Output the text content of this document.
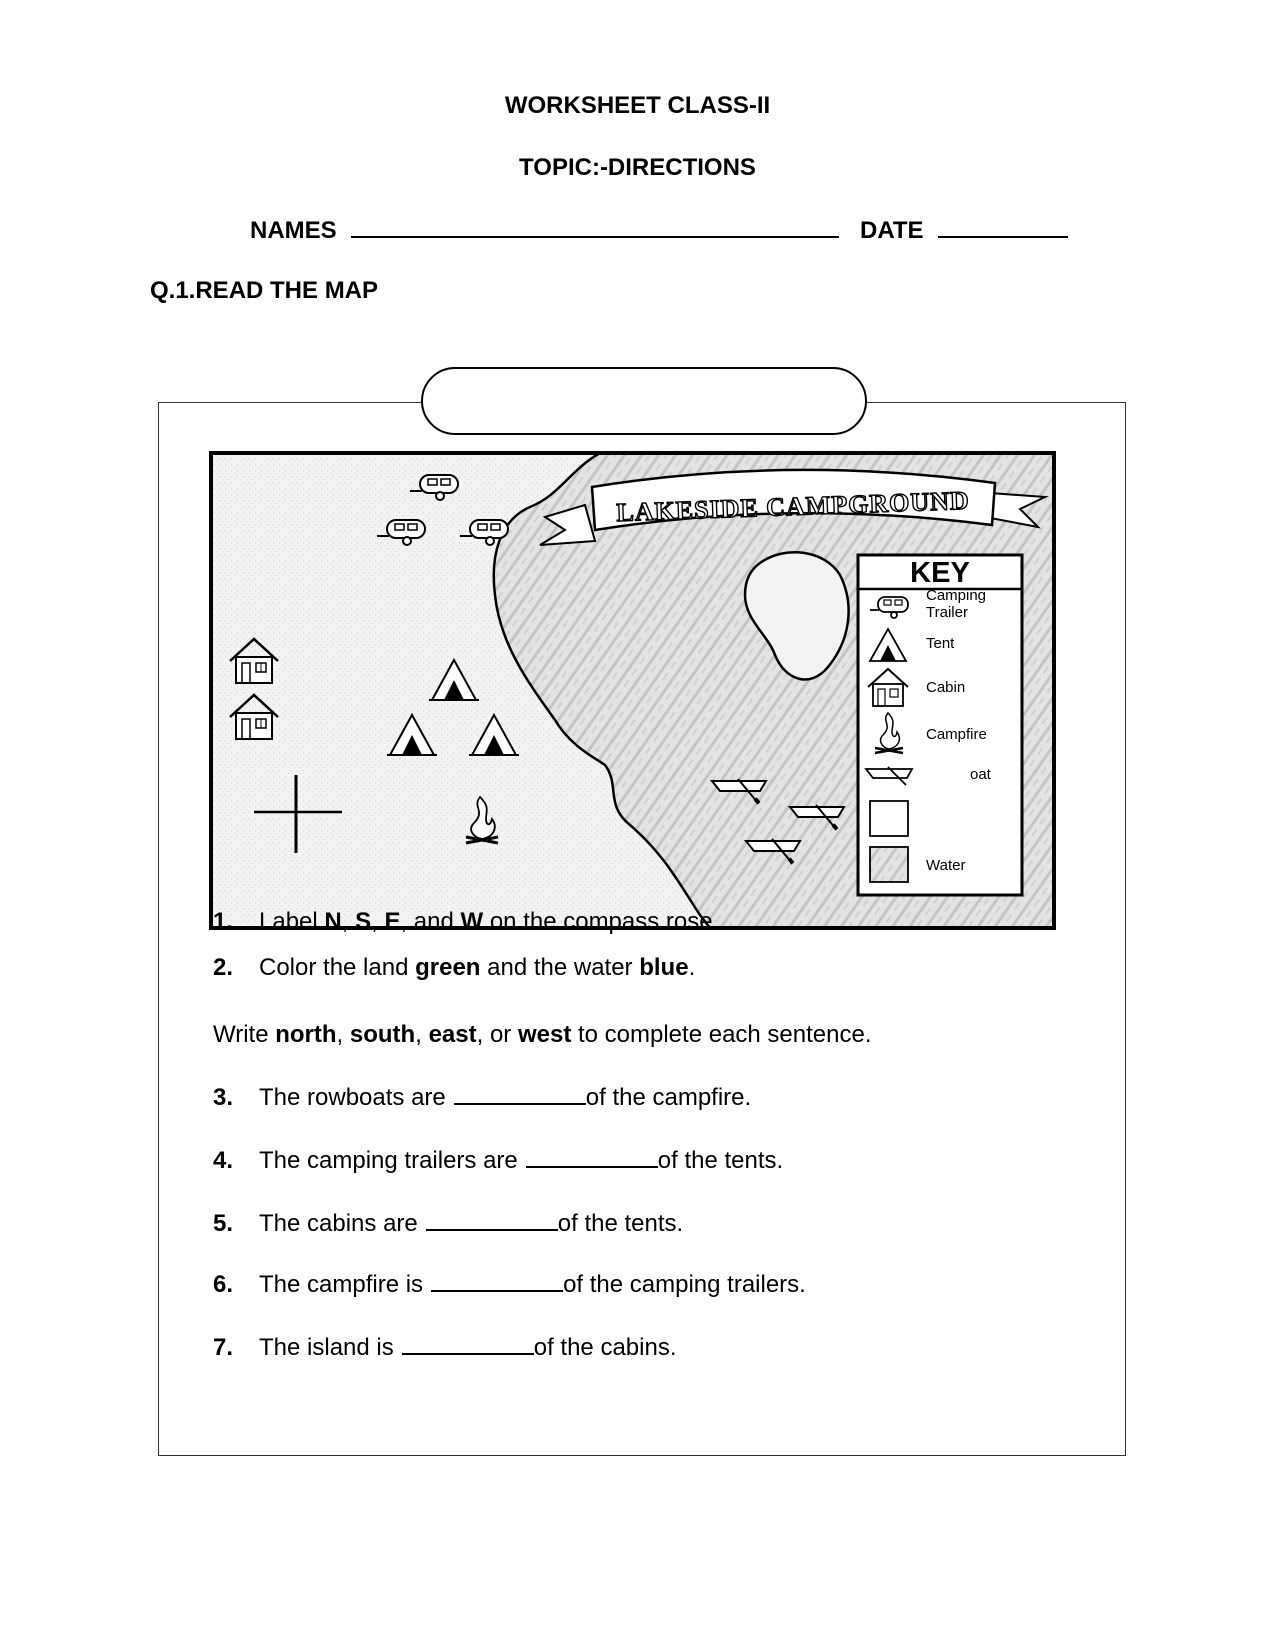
WORKSHEET CLASS-II
TOPIC:-DIRECTIONS
NAMES	DATE
Q.1.READ THE MAP
LAKESIDE CAMPGROUND
KEY
Camping
Trailer
Tent
Cabin
Campfire
oat
Water
1. Label N, S, E, and W on the compass rose.
2. Color the land green and the water blue.
Write north, south, east, or west to complete each sentence.
3. The rowboats are	of the campfire.
4. The camping trailers are	of the tents.
5. The cabins are	of the tents.
6. The campfire is	of the camping trailers.
7. The island is	of the cabins.
